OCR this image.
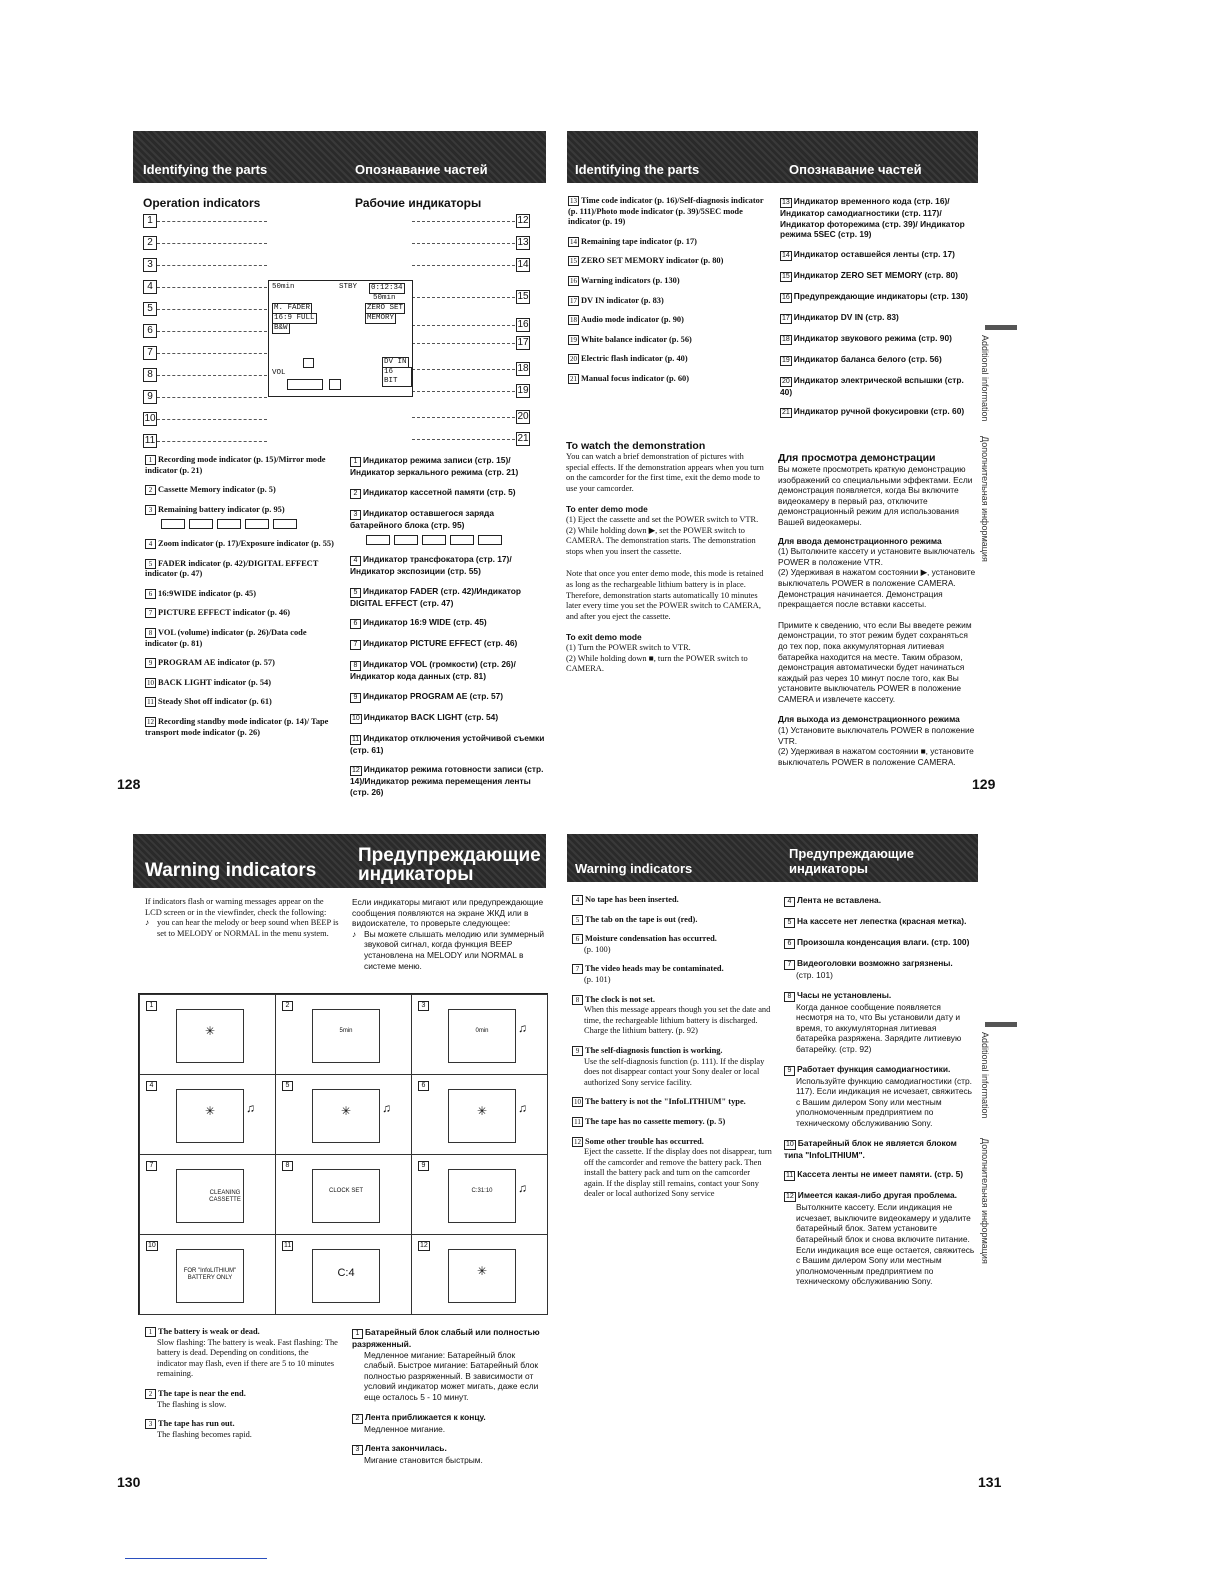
Identifying the parts	Опознавание частей
Operation indicators	Рабочие индикаторы
1
2
3
4
5
6
7
8
9
10
11
12
13
14
15
16
17
18
19
20
21
50min	STBY 0:12:34
50min
M. FADER	ZERO SET
16:9 FULL	MEMORY
B&W
DV IN
16 BIT
VOL
1 Recording mode indicator (p. 15)/Mirror mode indicator (p. 21)
2 Cassette Memory indicator (p. 5)
3 Remaining battery indicator (p. 95)
4 Zoom indicator (p. 17)/Exposure indicator (p. 55)
5 FADER indicator (p. 42)/DIGITAL EFFECT indicator (p. 47)
6 16:9WIDE indicator (p. 45)
7 PICTURE EFFECT indicator (p. 46)
8 VOL (volume) indicator (p. 26)/Data code indicator (p. 81)
9 PROGRAM AE indicator (p. 57)
10 BACK LIGHT indicator (p. 54)
11 Steady Shot off indicator (p. 61)
12 Recording standby mode indicator (p. 14)/ Tape transport mode indicator (p. 26)
1 Индикатор режима записи (стр. 15)/ Индикатор зеркального режима (стр. 21)
2 Индикатор кассетной памяти (стр. 5)
3 Индикатор оставшегося заряда батарейного блока (стр. 95)
4 Индикатор трансфокатора (стр. 17)/ Индикатор экспозиции (стр. 55)
5 Индикатор FADER (стр. 42)/Индикатор DIGITAL EFFECT (стр. 47)
6 Индикатор 16:9 WIDE (стр. 45)
7 Индикатор PICTURE EFFECT (стр. 46)
8 Индикатор VOL (громкости) (стр. 26)/ Индикатор кода данных (стр. 81)
9 Индикатор PROGRAM AE (стр. 57)
10 Индикатор BACK LIGHT (стр. 54)
11 Индикатор отключения устойчивой съемки (стр. 61)
12 Индикатор режима готовности записи (стр. 14)/Индикатор режима перемещения ленты (стр. 26)
128
Identifying the parts	Опознавание частей
13 Time code indicator (p. 16)/Self-diagnosis indicator (p. 111)/Photo mode indicator (p. 39)/5SEC mode indicator (p. 19)
14 Remaining tape indicator (p. 17)
15 ZERO SET MEMORY indicator (p. 80)
16 Warning indicators (p. 130)
17 DV IN indicator (p. 83)
18 Audio mode indicator (p. 90)
19 White balance indicator (p. 56)
20 Electric flash indicator (p. 40)
21 Manual focus indicator (p. 60)
13 Индикатор временного кода (стр. 16)/ Индикатор самодиагностики (стр. 117)/ Индикатор фоторежима (стр. 39)/ Индикатор режима 5SEC (стр. 19)
14 Индикатор оставшейся ленты (стр. 17)
15 Индикатор ZERO SET MEMORY (стр. 80)
16 Предупреждающие индикаторы (стр. 130)
17 Индикатор DV IN (стр. 83)
18 Индикатор звукового режима (стр. 90)
19 Индикатор баланса белого (стр. 56)
20 Индикатор электрической вспышки (стр. 40)
21 Индикатор ручной фокусировки (стр. 60)
To watch the demonstration
You can watch a brief demonstration of pictures with special effects. If the demonstration appears when you turn on the camcorder for the first time, exit the demo mode to use your camcorder.
To enter demo mode
(1) Eject the cassette and set the POWER switch to VTR.
(2) While holding down ▶, set the POWER switch to CAMERA. The demonstration starts. The demonstration stops when you insert the cassette.
Note that once you enter demo mode, this mode is retained as long as the rechargeable lithium battery is in place. Therefore, demonstration starts automatically 10 minutes later every time you set the POWER switch to CAMERA, and after you eject the cassette.
To exit demo mode
(1) Turn the POWER switch to VTR.
(2) While holding down ■, turn the POWER switch to CAMERA.
Для просмотра демонстрации
Вы можете просмотреть краткую демонстрацию изображений со специальными эффектами. Если демонстрация появляется, когда Вы включите видеокамеру в первый раз, отключите демонстрационный режим для использования Вашей видеокамеры.
Для ввода демонстрационного режима
(1) Вытолкните кассету и установите выключатель POWER в положение VTR.
(2) Удерживая в нажатом состоянии ▶, установите выключатель POWER в положение CAMERA. Демонстрация начинается. Демонстрация прекращается после вставки кассеты.
Примите к сведению, что если Вы введете режим демонстрации, то этот режим будет сохраняться до тех пор, пока аккумуляторная литиевая батарейка находится на месте. Таким образом, демонстрация автоматически будет начинаться каждый раз через 10 минут после того, как Вы установите выключатель POWER в положение CAMERA и извлечете кассету.
Для выхода из демонстрационного режима
(1) Установите выключатель POWER в положение VTR.
(2) Удерживая в нажатом состоянии ■, установите выключатель POWER в положение CAMERA.
Additional information
Дополнительная информация
129
Warning indicators
Предупреждающие индикаторы
If indicators flash or warning messages appear on the LCD screen or in the viewfinder, check the following:
♪ you can hear the melody or beep sound when BEEP is set to MELODY or NORMAL in the menu system.
Если индикаторы мигают или предупреждающие сообщения появляются на экране ЖКД или в видоискателе, то проверьте следующее:
♪ Вы можете слышать мелодию или зуммерный звуковой сигнал, когда функция BEEP установлена на MELODY или NORMAL в системе меню.
1
✳
2
5min
3
0min	♫
4
✳	♫
5
✳	♫
6
✳	♫
7
CLEANING CASSETTE
8
CLOCK SET
9
C:31:10	♫
10
FOR "InfoLITHIUM" BATTERY ONLY
11
C:4
12
✳
1 The battery is weak or dead.
Slow flashing: The battery is weak. Fast flashing: The battery is dead. Depending on conditions, the indicator may flash, even if there are 5 to 10 minutes remaining.
2 The tape is near the end.
The flashing is slow.
3 The tape has run out.
The flashing becomes rapid.
1 Батарейный блок слабый или полностью разряженный.
Медленное мигание: Батарейный блок слабый. Быстрое мигание: Батарейный блок полностью разряженный. В зависимости от условий индикатор может мигать, даже если еще осталось 5 - 10 минут.
2 Лента приближается к концу.
Медленное мигание.
3 Лента закончилась.
Мигание становится быстрым.
130
Warning indicators
Предупреждающие индикаторы
4 No tape has been inserted.
5 The tab on the tape is out (red).
6 Moisture condensation has occurred.
(p. 100)
7 The video heads may be contaminated.
(p. 101)
8 The clock is not set.
When this message appears though you set the date and time, the rechargeable lithium battery is discharged. Charge the lithium battery. (p. 92)
9 The self-diagnosis function is working.
Use the self-diagnosis function (p. 111). If the display does not disappear contact your Sony dealer or local authorized Sony service facility.
10 The battery is not the "InfoLITHIUM" type.
11 The tape has no cassette memory. (p. 5)
12 Some other trouble has occurred.
Eject the cassette. If the display does not disappear, turn off the camcorder and remove the battery pack. Then install the battery pack and turn on the camcorder again. If the display still remains, contact your Sony dealer or local authorized Sony service
4 Лента не вставлена.
5 На кассете нет лепестка (красная метка).
6 Произошла конденсация влаги. (стр. 100)
7 Видеоголовки возможно загрязнены.
(стр. 101)
8 Часы не установлены.
Когда данное сообщение появляется несмотря на то, что Вы установили дату и время, то аккумуляторная литиевая батарейка разряжена. Зарядите литиевую батарейку. (стр. 92)
9 Работает функция самодиагностики.
Используйте функцию самодиагностики (стр. 117). Если индикация не исчезает, свяжитесь с Вашим дилером Sony или местным уполномоченным предприятием по техническому обслуживанию Sony.
10 Батарейный блок не является блоком типа "InfoLITHIUM".
11 Кассета ленты не имеет памяти. (стр. 5)
12 Имеется какая-либо другая проблема.
Вытолкните кассету. Если индикация не исчезает, выключите видеокамеру и удалите батарейный блок. Затем установите батарейный блок и снова включите питание. Если индикация все еще остается, свяжитесь с Вашим дилером Sony или местным уполномоченным предприятием по техническому обслуживанию Sony.
Additional information
Дополнительная информация
131
